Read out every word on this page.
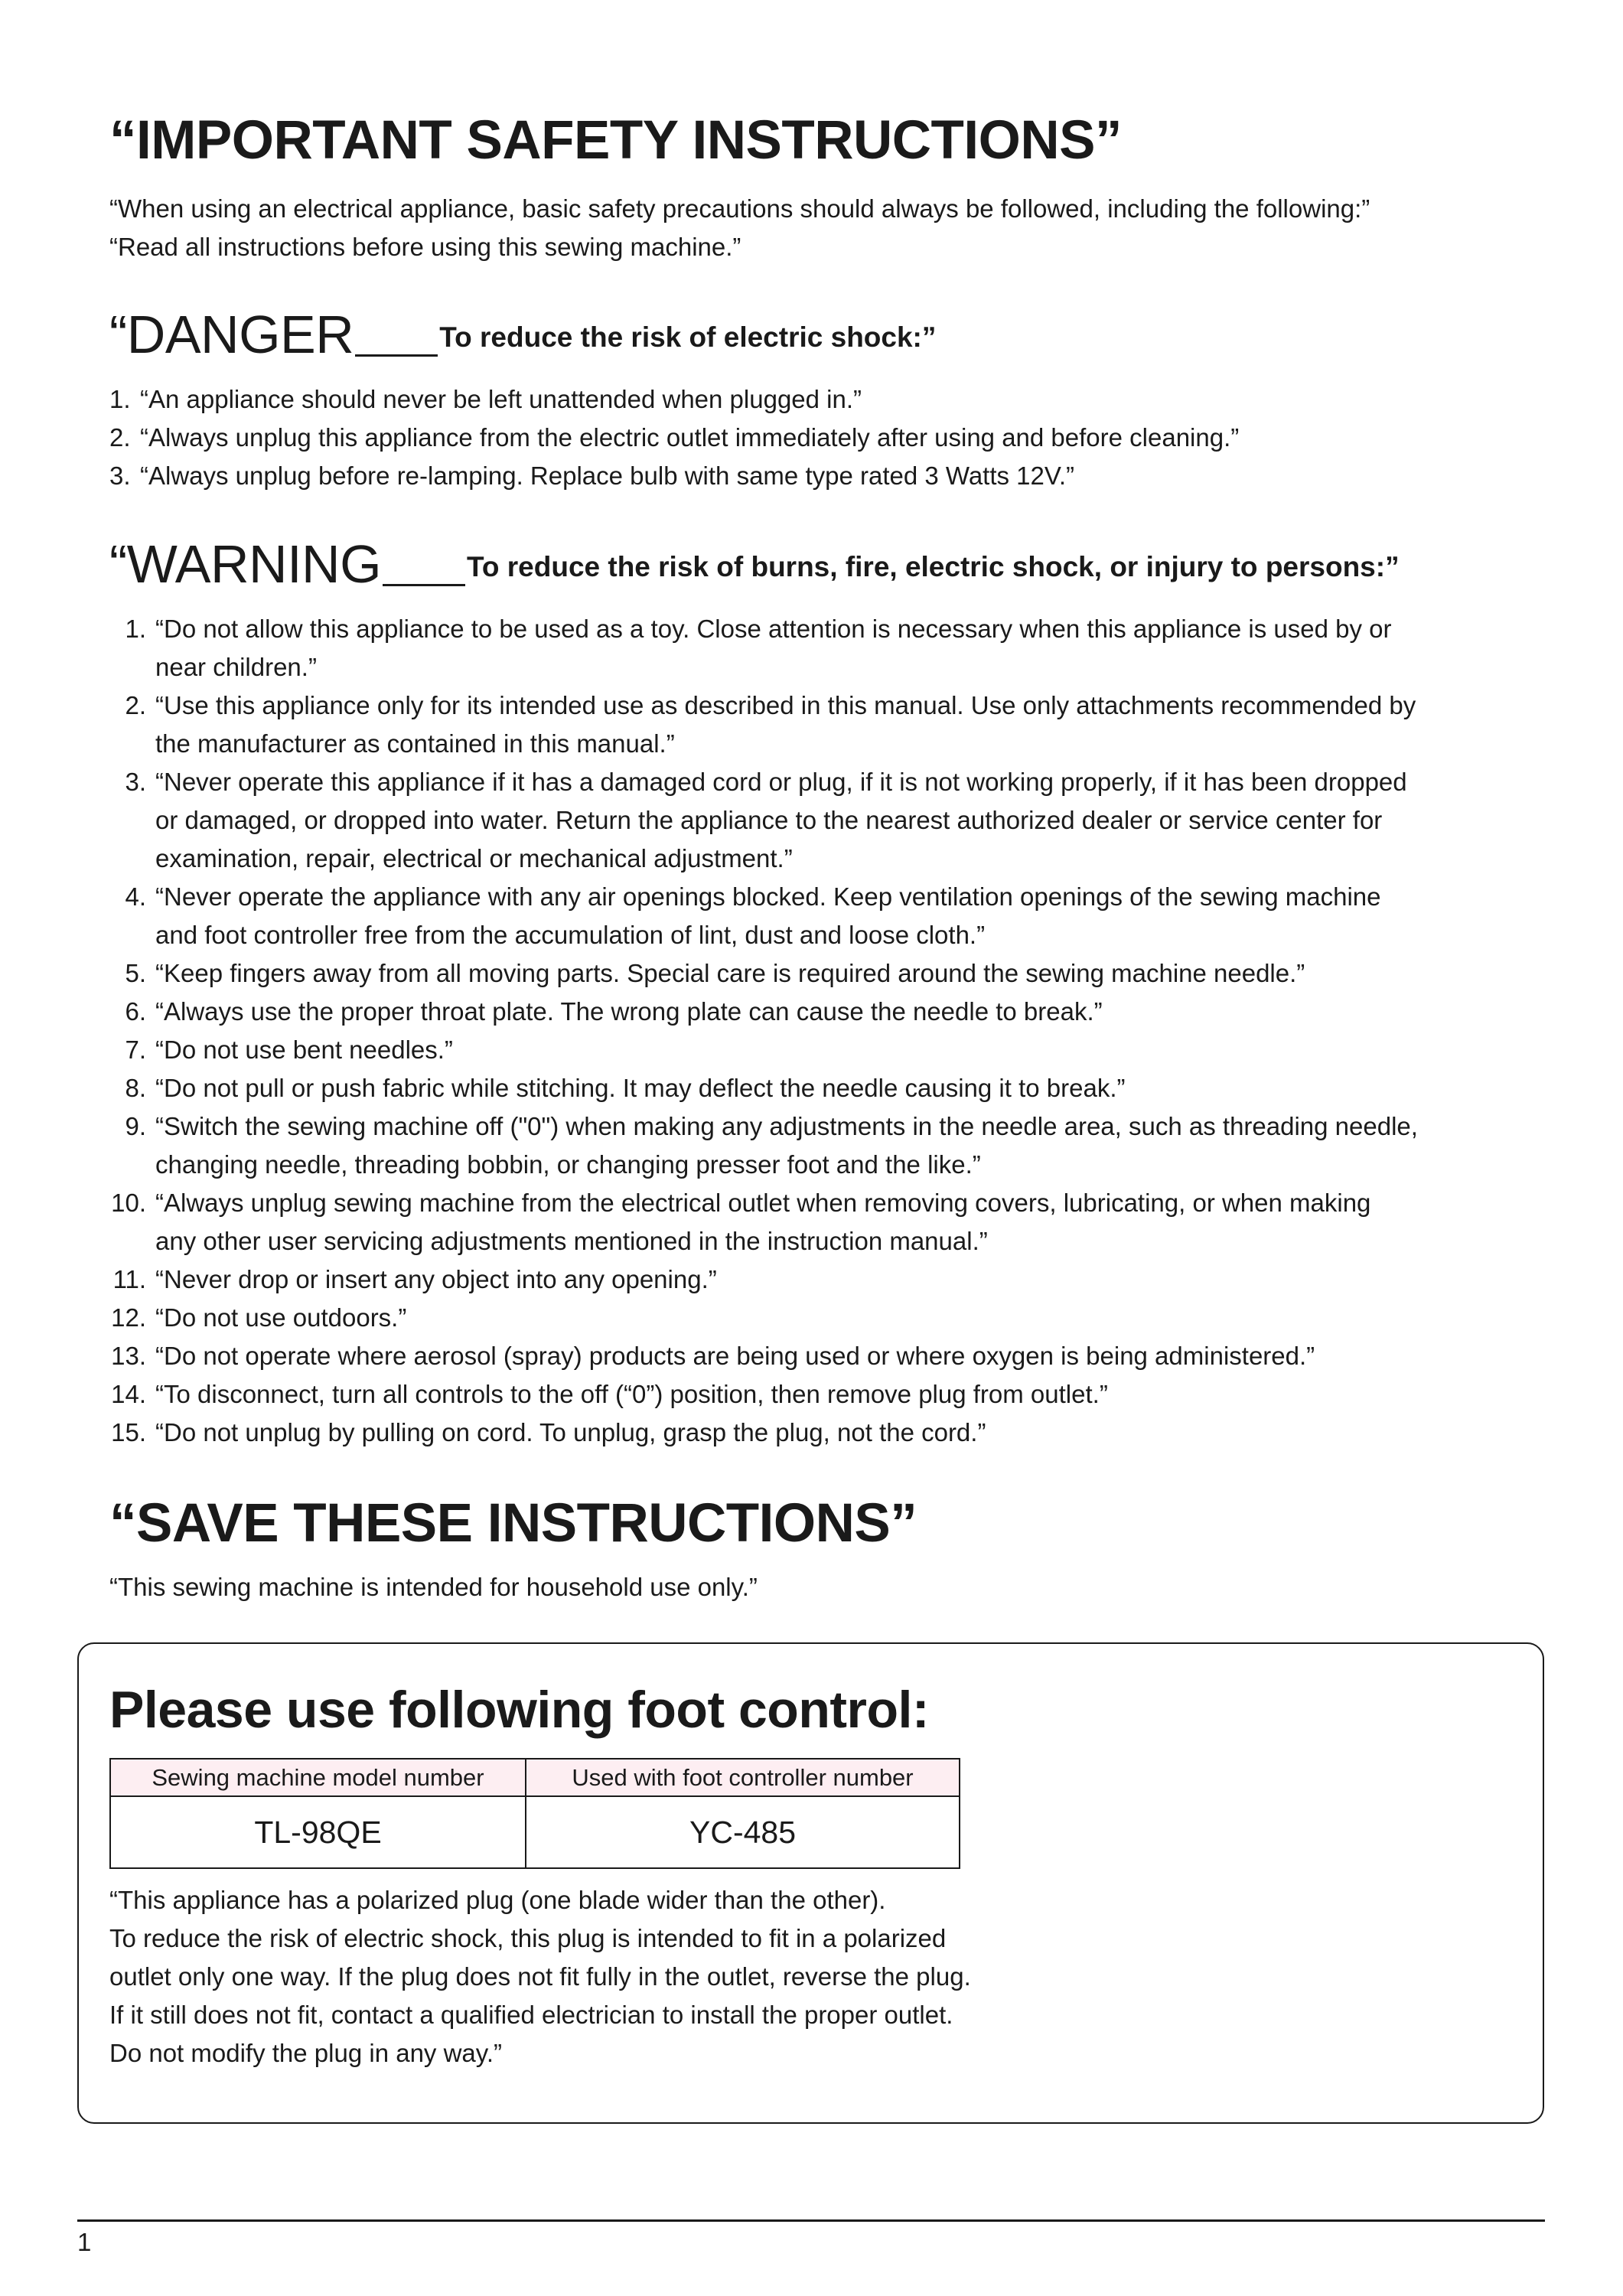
“IMPORTANT SAFETY INSTRUCTIONS”
“When using an electrical appliance, basic safety precautions should always be followed, including the following:”
“Read all instructions before using this sewing machine.”
“DANGER	To reduce the risk of electric shock:”
1. “An appliance should never be left unattended when plugged in.”
2. “Always unplug this appliance from the electric outlet immediately after using and before cleaning.”
3. “Always unplug before re-lamping. Replace bulb with same type rated 3 Watts 12V.”
“WARNING	To reduce the risk of burns, fire, electric shock, or injury to persons:”
1. “Do not allow this appliance to be used as a toy. Close attention is necessary when this appliance is used by or
near children.”
2. “Use this appliance only for its intended use as described in this manual. Use only attachments recommended by
the manufacturer as contained in this manual.”
3. “Never operate this appliance if it has a damaged cord or plug, if it is not working properly, if it has been dropped
or damaged, or dropped into water. Return the appliance to the nearest authorized dealer or service center for
examination, repair, electrical or mechanical adjustment.”
4. “Never operate the appliance with any air openings blocked. Keep ventilation openings of the sewing machine
and foot controller free from the accumulation of lint, dust and loose cloth.”
5. “Keep fingers away from all moving parts. Special care is required around the sewing machine needle.”
6. “Always use the proper throat plate. The wrong plate can cause the needle to break.”
7. “Do not use bent needles.”
8. “Do not pull or push fabric while stitching. It may deflect the needle causing it to break.”
9. “Switch the sewing machine off ("0") when making any adjustments in the needle area, such as threading needle,
changing needle, threading bobbin, or changing presser foot and the like.”
10. “Always unplug sewing machine from the electrical outlet when removing covers, lubricating, or when making
any other user servicing adjustments mentioned in the instruction manual.”
11. “Never drop or insert any object into any opening.”
12. “Do not use outdoors.”
13. “Do not operate where aerosol (spray) products are being used or where oxygen is being administered.”
14. “To disconnect, turn all controls to the off (“0”) position, then remove plug from outlet.”
15. “Do not unplug by pulling on cord. To unplug, grasp the plug, not the cord.”
“SAVE THESE INSTRUCTIONS”
“This sewing machine is intended for household use only.”
Please use following foot control:
Sewing machine model number	Used with foot controller number
TL-98QE	YC-485
“This appliance has a polarized plug (one blade wider than the other).
To reduce the risk of electric shock, this plug is intended to fit in a polarized
outlet only one way. If the plug does not fit fully in the outlet, reverse the plug.
If it still does not fit, contact a qualified electrician to install the proper outlet.
Do not modify the plug in any way.”
1
